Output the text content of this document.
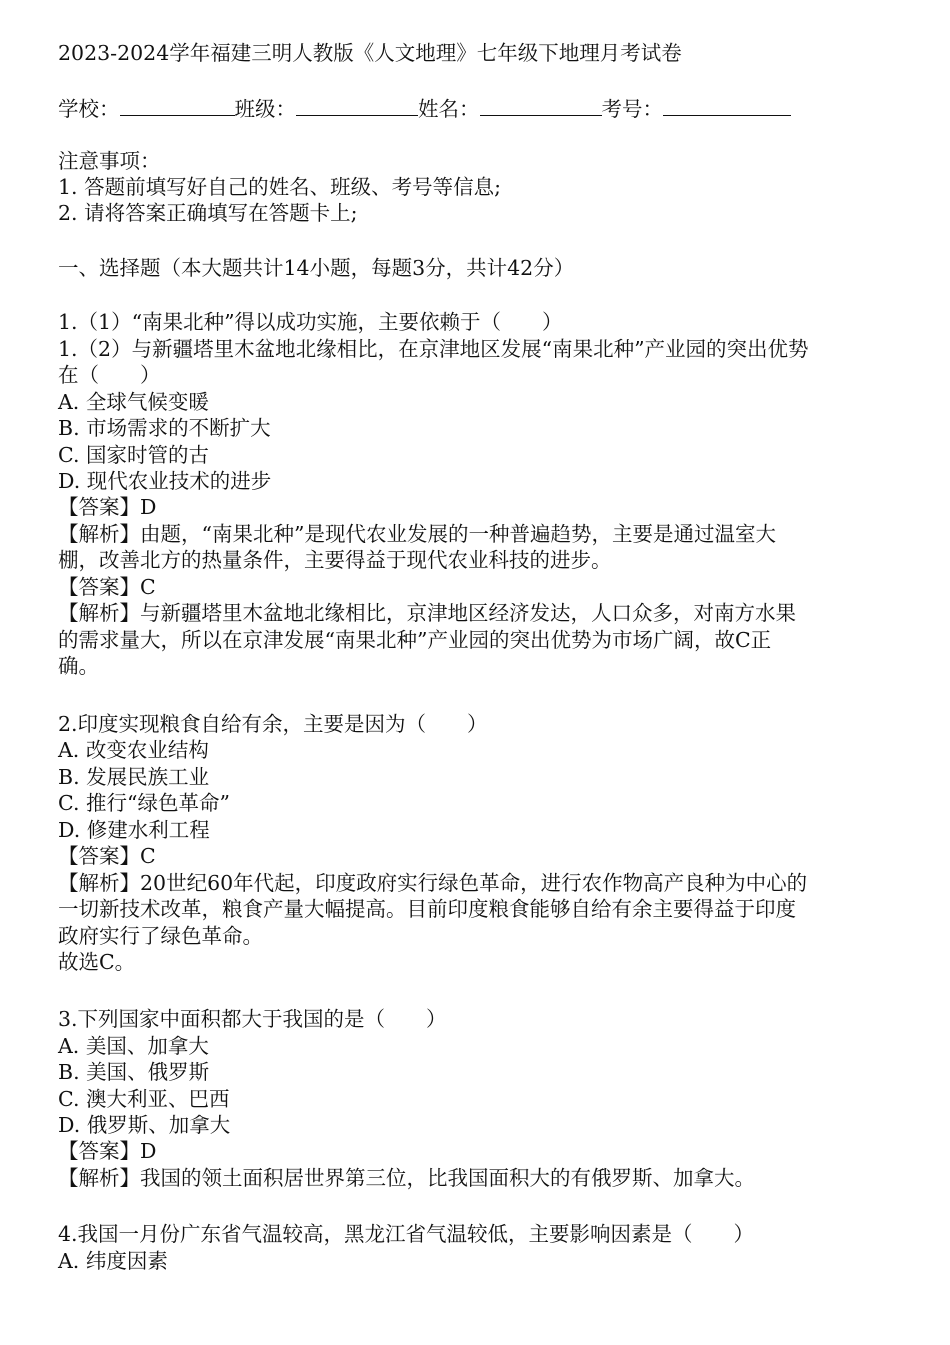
2023-2024学年福建三明人教版《人文地理》七年级下地理月考试卷
学校：	班级：	姓名：	考号：
注意事项：
1. 答题前填写好自己的姓名、班级、考号等信息;
2. 请将答案正确填写在答题卡上;
一、选择题（本大题共计14小题，每题3分，共计42分）
1.（1）“南果北种”得以成功实施，主要依赖于（　　）
1.（2）与新疆塔里木盆地北缘相比，在京津地区发展“南果北种”产业园的突出优势
在（　　）
A. 全球气候变暖
B. 市场需求的不断扩大
C. 国家时管的古
D. 现代农业技术的进步
【答案】D
【解析】由题，“南果北种”是现代农业发展的一种普遍趋势，主要是通过温室大
棚，改善北方的热量条件，主要得益于现代农业科技的进步。
【答案】C
【解析】与新疆塔里木盆地北缘相比，京津地区经济发达，人口众多，对南方水果
的需求量大，所以在京津发展“南果北种”产业园的突出优势为市场广阔，故C正
确。
2.印度实现粮食自给有余，主要是因为（　　）
A. 改变农业结构
B. 发展民族工业
C. 推行“绿色革命”
D. 修建水利工程
【答案】C
【解析】20世纪60年代起，印度政府实行绿色革命，进行农作物高产良种为中心的
一切新技术改革，粮食产量大幅提高。目前印度粮食能够自给有余主要得益于印度
政府实行了绿色革命。
故选C。
3.下列国家中面积都大于我国的是（　　）
A. 美国、加拿大
B. 美国、俄罗斯
C. 澳大利亚、巴西
D. 俄罗斯、加拿大
【答案】D
【解析】我国的领土面积居世界第三位，比我国面积大的有俄罗斯、加拿大。
4.我国一月份广东省气温较高，黑龙江省气温较低，主要影响因素是（　　）
A. 纬度因素
